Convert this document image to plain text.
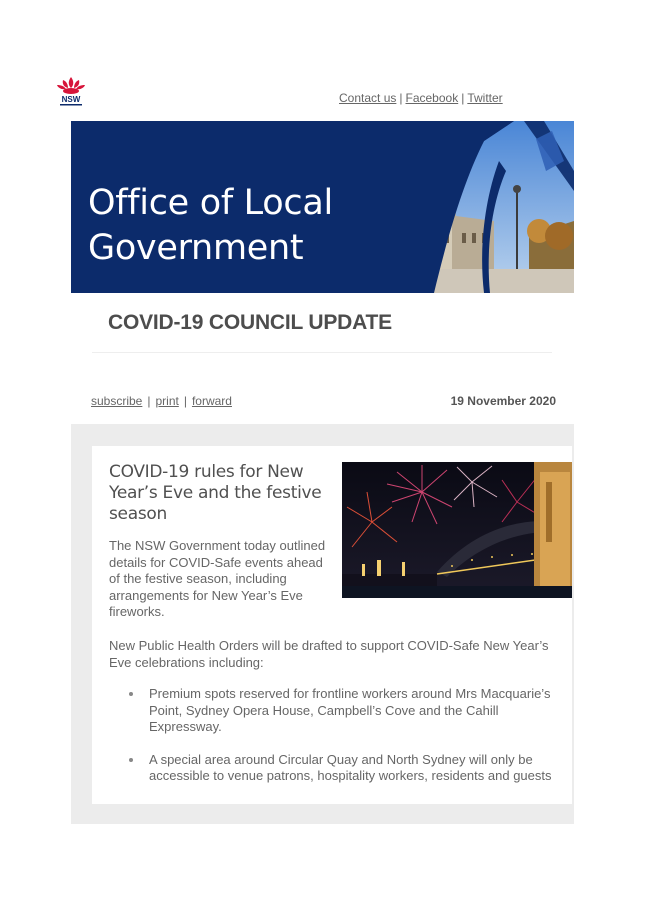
NSW	Contact us | Facebook | Twitter
Office of Local
Government
COVID-19 COUNCIL UPDATE
subscribe | print | forward	19 November 2020
COVID-19 rules for New Year’s Eve and the festive season
The NSW Government today outlined details for COVID-Safe events ahead of the festive season, including arrangements for New Year’s Eve fireworks.
New Public Health Orders will be drafted to support COVID-Safe New Year’s Eve celebrations including:
Premium spots reserved for frontline workers around Mrs Macquarie’s Point, Sydney Opera House, Campbell’s Cove and the Cahill Expressway.
A special area around Circular Quay and North Sydney will only be accessible to venue patrons, hospitality workers, residents and guests
